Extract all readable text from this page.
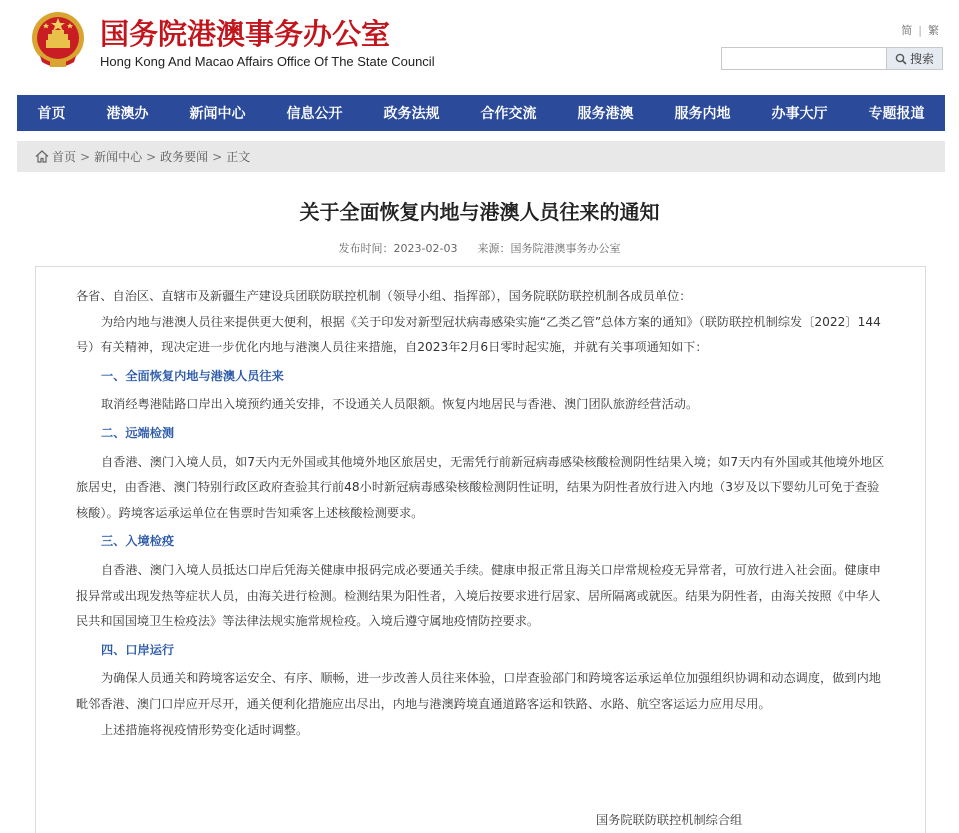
国务院港澳事务办公室
Hong Kong And Macao Affairs Office Of The State Council
简 | 繁
搜索
首页	港澳办	新闻中心	信息公开	政务法规	合作交流	服务港澳	服务内地	办事大厅	专题报道
首页 > 新闻中心 > 政务要闻 > 正文
关于全面恢复内地与港澳人员往来的通知
发布时间：2023-02-03 来源：国务院港澳事务办公室

各省、自治区、直辖市及新疆生产建设兵团联防联控机制（领导小组、指挥部），国务院联防联控机制各成员单位：

为给内地与港澳人员往来提供更大便利，根据《关于印发对新型冠状病毒感染实施“乙类乙管”总体方案的通知》（联防联控机制综发〔2022〕144号）有关精神，现决定进一步优化内地与港澳人员往来措施，自2023年2月6日零时起实施，并就有关事项通知如下：

一、全面恢复内地与港澳人员往来

取消经粤港陆路口岸出入境预约通关安排，不设通关人员限额。恢复内地居民与香港、澳门团队旅游经营活动。

二、远端检测

自香港、澳门入境人员，如7天内无外国或其他境外地区旅居史，无需凭行前新冠病毒感染核酸检测阴性结果入境；如7天内有外国或其他境外地区旅居史，由香港、澳门特别行政区政府查验其行前48小时新冠病毒感染核酸检测阴性证明，结果为阴性者放行进入内地（3岁及以下婴幼儿可免于查验核酸）。跨境客运承运单位在售票时告知乘客上述核酸检测要求。

三、入境检疫

自香港、澳门入境人员抵达口岸后凭海关健康申报码完成必要通关手续。健康申报正常且海关口岸常规检疫无异常者，可放行进入社会面。健康申报异常或出现发热等症状人员，由海关进行检测。检测结果为阳性者，入境后按要求进行居家、居所隔离或就医。结果为阴性者，由海关按照《中华人民共和国国境卫生检疫法》等法律法规实施常规检疫。入境后遵守属地疫情防控要求。

四、口岸运行

为确保人员通关和跨境客运安全、有序、顺畅，进一步改善人员往来体验，口岸查验部门和跨境客运承运单位加强组织协调和动态调度，做到内地毗邻香港、澳门口岸应开尽开，通关便利化措施应出尽出，内地与港澳跨境直通道路客运和铁路、水路、航空客运运力应用尽用。

上述措施将视疫情形势变化适时调整。

国务院联防联控机制综合组
